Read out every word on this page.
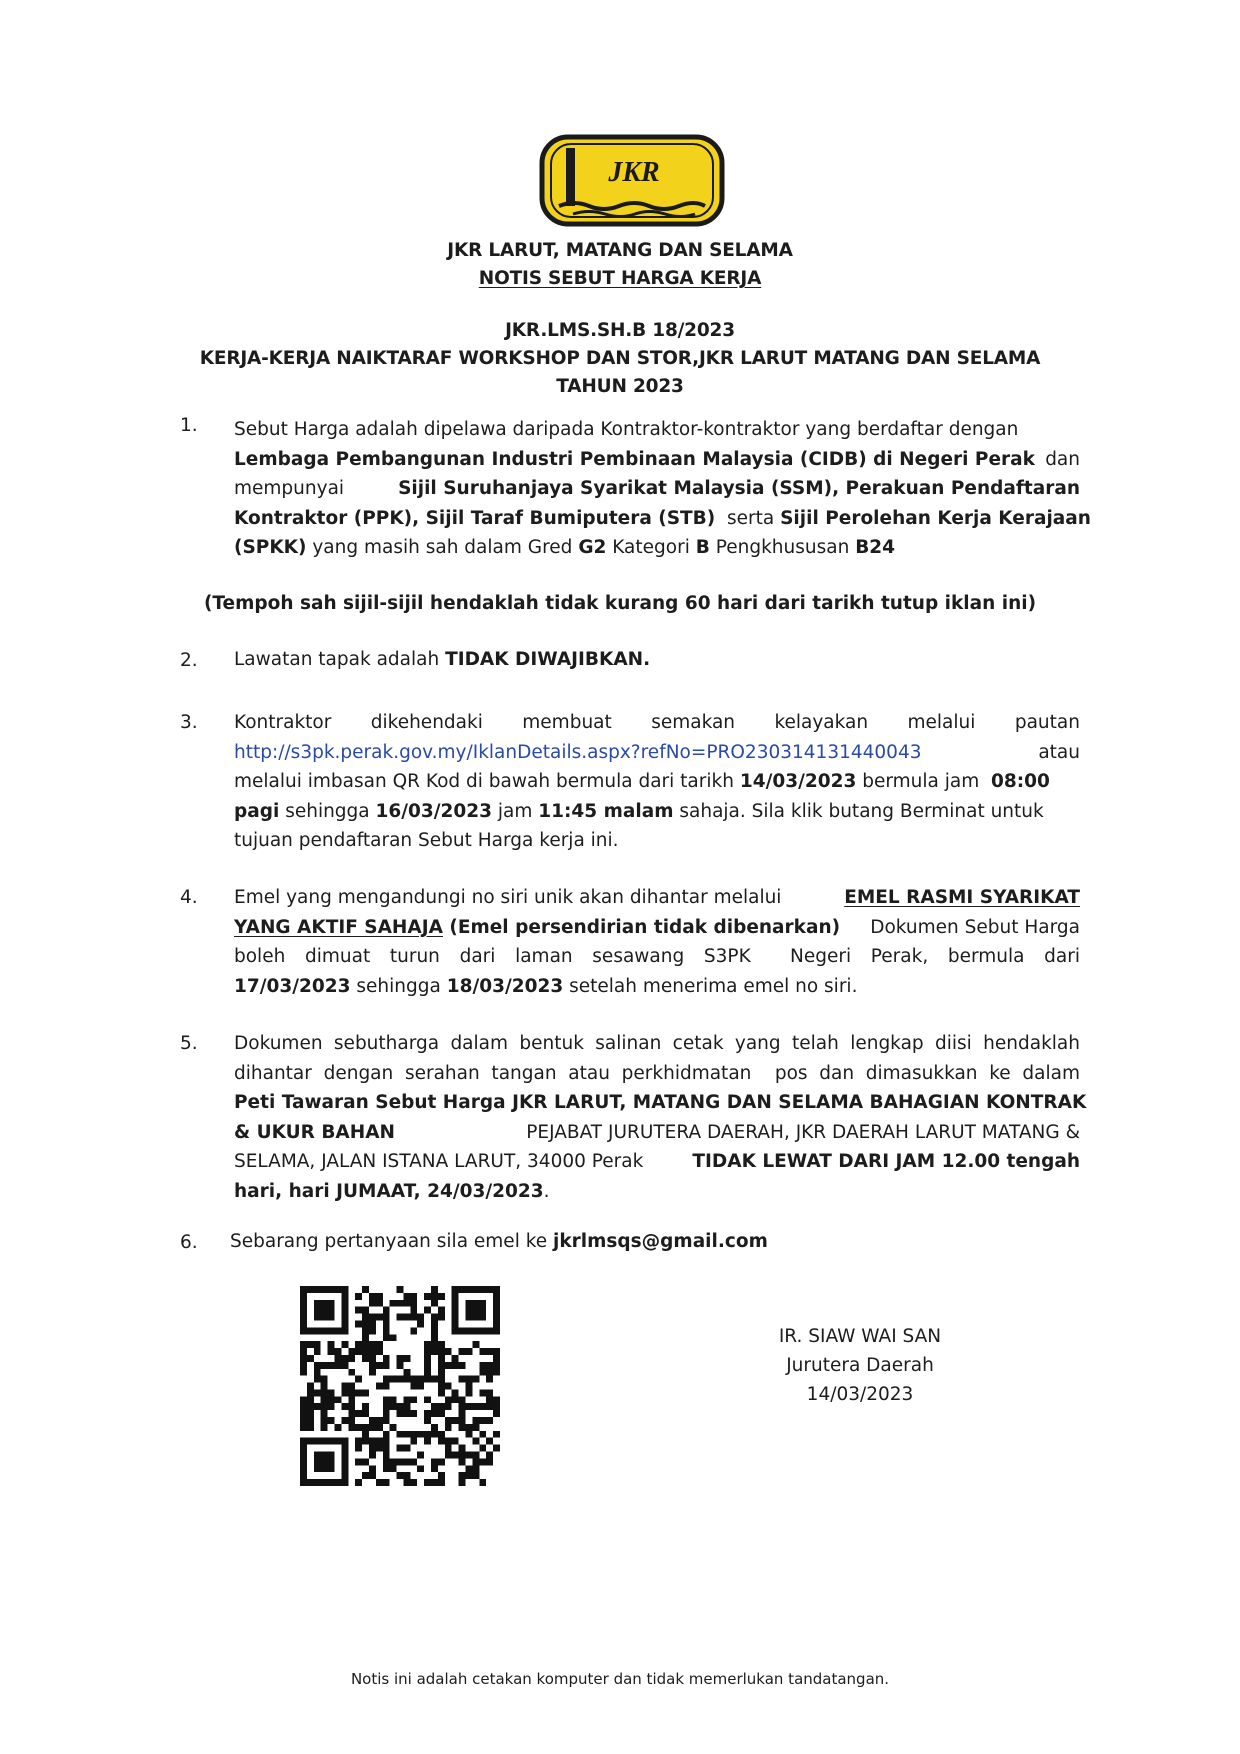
JKR
JKR LARUT, MATANG DAN SELAMA
NOTIS SEBUT HARGA KERJA
JKR.LMS.SH.B 18/2023
KERJA-KERJA NAIKTARAF WORKSHOP DAN STOR,JKR LARUT MATANG DAN SELAMA
TAHUN 2023
1. Sebut Harga adalah dipelawa daripada Kontraktor-kontraktor yang berdaftar dengan
Lembaga Pembangunan Industri Pembinaan Malaysia (CIDB) di Negeri Perak dan
mempunyai	Sijil Suruhanjaya Syarikat Malaysia (SSM), Perakuan Pendaftaran
Kontraktor (PPK), Sijil Taraf Bumiputera (STB) serta Sijil Perolehan Kerja Kerajaan
(SPKK) yang masih sah dalam Gred G2 Kategori B Pengkhususan B24
(Tempoh sah sijil-sijil hendaklah tidak kurang 60 hari dari tarikh tutup iklan ini)
2. Lawatan tapak adalah TIDAK DIWAJIBKAN.
3. Kontraktor dikehendaki membuat semakan kelayakan melalui pautan
http://s3pk.perak.gov.my/IklanDetails.aspx?refNo=PRO230314131440043	atau
melalui imbasan QR Kod di bawah bermula dari tarikh 14/03/2023 bermula jam  08:00
pagi sehingga 16/03/2023 jam 11:45 malam sahaja. Sila klik butang Berminat untuk
tujuan pendaftaran Sebut Harga kerja ini.
4. Emel yang mengandungi no siri unik akan dihantar melalui	EMEL RASMI SYARIKAT
YANG AKTIF SAHAJA (Emel persendirian tidak dibenarkan) Dokumen Sebut Harga
boleh dimuat turun dari laman sesawang S3PK  Negeri Perak, bermula dari
17/03/2023 sehingga 18/03/2023 setelah menerima emel no siri.
5. Dokumen sebutharga dalam bentuk salinan cetak yang telah lengkap diisi hendaklah
dihantar dengan serahan tangan atau perkhidmatan  pos dan dimasukkan ke dalam
Peti Tawaran Sebut Harga JKR LARUT, MATANG DAN SELAMA BAHAGIAN KONTRAK
& UKUR BAHAN	PEJABAT JURUTERA DAERAH, JKR DAERAH LARUT MATANG &
SELAMA, JALAN ISTANA LARUT, 34000 Perak TIDAK LEWAT DARI JAM 12.00 tengah
hari, hari JUMAAT, 24/03/2023.
6. Sebarang pertanyaan sila emel ke jkrlmsqs@gmail.com
IR. SIAW WAI SAN
Jurutera Daerah
14/03/2023
Notis ini adalah cetakan komputer dan tidak memerlukan tandatangan.
